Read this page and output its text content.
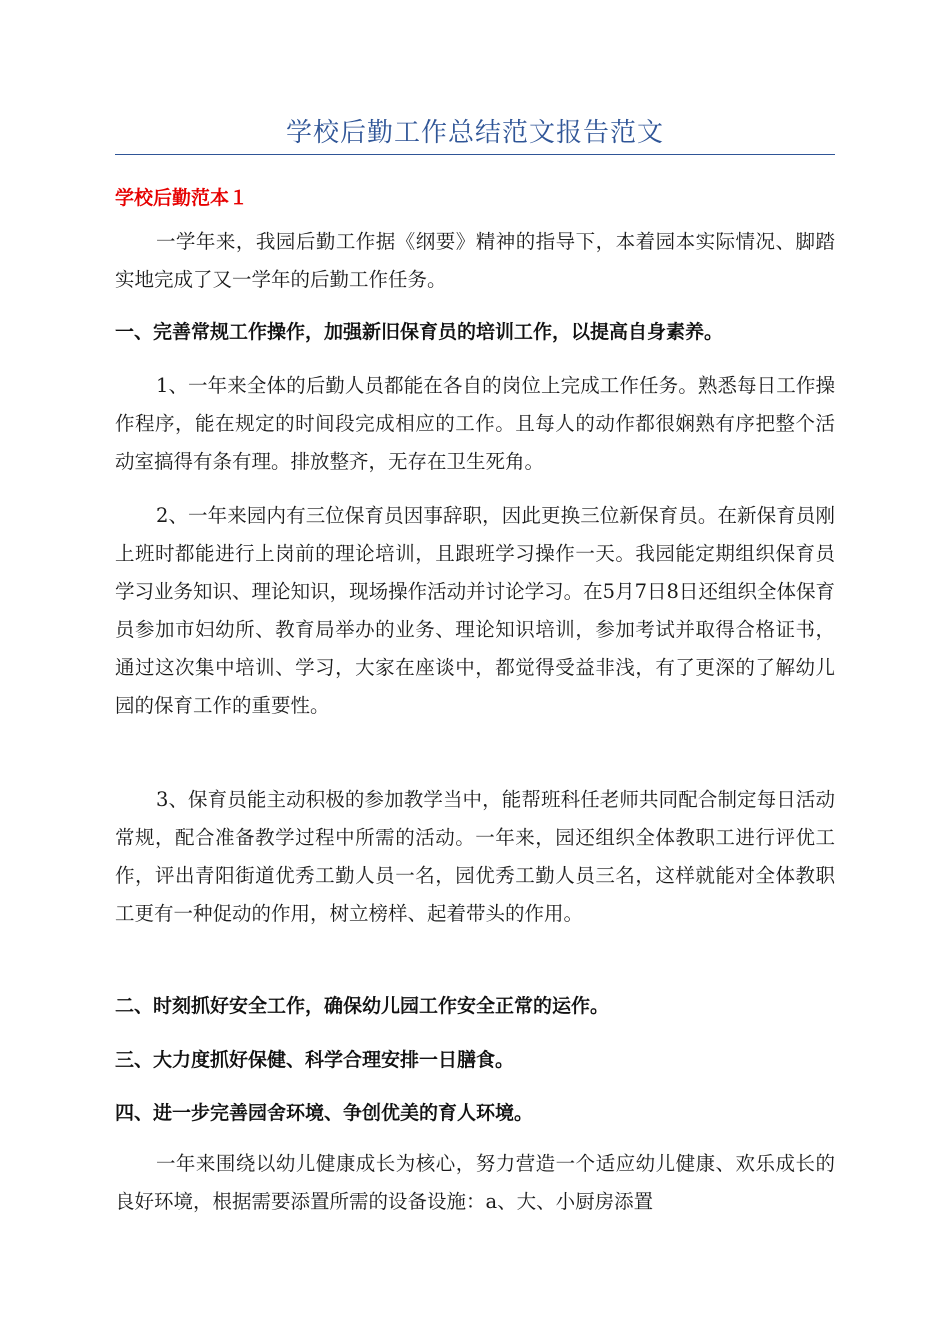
学校后勤工作总结范文报告范文
学校后勤范本１

一学年来，我园后勤工作据《纲要》精神的指导下，本着园本实际情况、脚踏实地完成了又一学年的后勤工作任务。

一、完善常规工作操作，加强新旧保育员的培训工作，以提高自身素养。

1、一年来全体的后勤人员都能在各自的岗位上完成工作任务。熟悉每日工作操作程序，能在规定的时间段完成相应的工作。且每人的动作都很娴熟有序把整个活动室搞得有条有理。排放整齐，无存在卫生死角。

2、一年来园内有三位保育员因事辞职，因此更换三位新保育员。在新保育员刚上班时都能进行上岗前的理论培训，且跟班学习操作一天。我园能定期组织保育员学习业务知识、理论知识，现场操作活动并讨论学习。在5月7日8日还组织全体保育员参加市妇幼所、教育局举办的业务、理论知识培训，参加考试并取得合格证书，通过这次集中培训、学习，大家在座谈中，都觉得受益非浅，有了更深的了解幼儿园的保育工作的重要性。

3、保育员能主动积极的参加教学当中，能帮班科任老师共同配合制定每日活动常规，配合准备教学过程中所需的活动。一年来，园还组织全体教职工进行评优工作，评出青阳街道优秀工勤人员一名，园优秀工勤人员三名，这样就能对全体教职工更有一种促动的作用，树立榜样、起着带头的作用。

二、时刻抓好安全工作，确保幼儿园工作安全正常的运作。
三、大力度抓好保健、科学合理安排一日膳食。
四、进一步完善园舍环境、争创优美的育人环境。

一年来围绕以幼儿健康成长为核心，努力营造一个适应幼儿健康、欢乐成长的良好环境，根据需要添置所需的设备设施：a、大、小厨房添置
